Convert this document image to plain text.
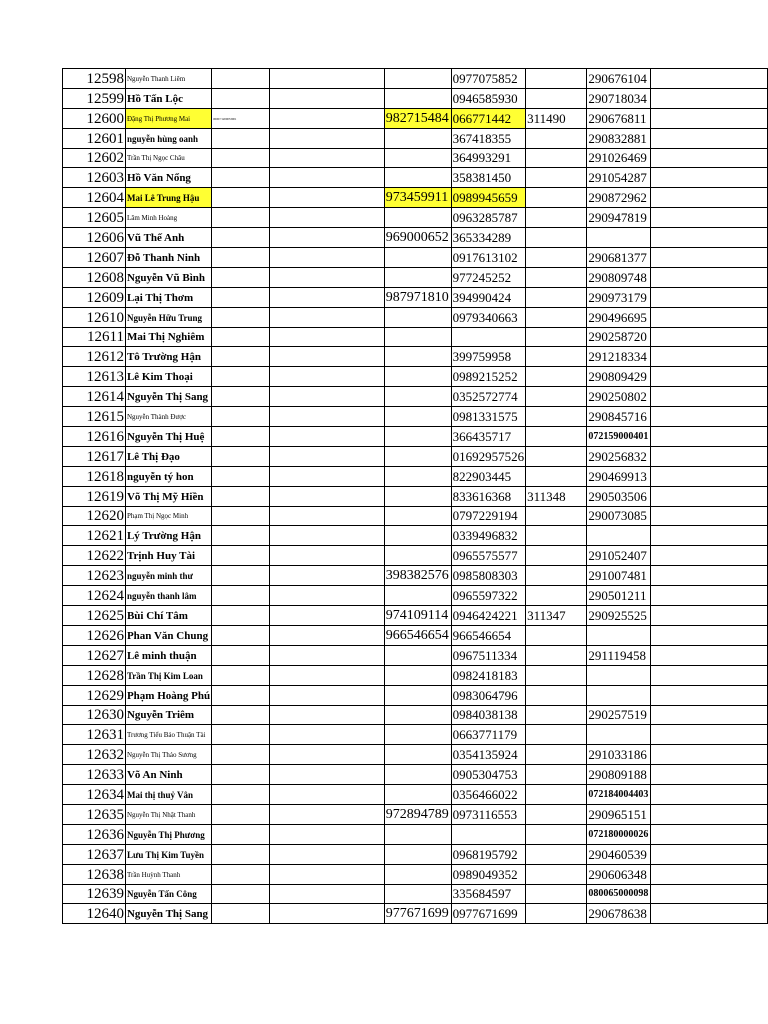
12598	Nguyễn Thanh Liêm				0977075852		290676104	
12599	Hồ Tấn Lộc				0946585930		290718034	
12600	Đặng Thị Phương Mai	00007/1200053001		982715484	066771442	311490	290676811	
12601	nguyễn hùng oanh				367418355		290832881	
12602	Trần Thị Ngọc Châu				364993291		291026469	
12603	Hồ Văn Nổng				358381450		291054287	
12604	Mai Lê Trung Hậu			973459911	0989945659		290872962	
12605	Lâm Minh Hoàng				0963285787		290947819	
12606	Vũ Thế Anh			969000652	365334289			
12607	Đỗ Thanh Ninh				0917613102		290681377	
12608	Nguyễn Vũ Bình				977245252		290809748	
12609	Lại Thị Thơm			987971810	394990424		290973179	
12610	Nguyễn Hữu Trung				0979340663		290496695	
12611	Mai Thị Nghiêm						290258720	
12612	Tô Trường Hận				399759958		291218334	
12613	Lê Kim Thoại				0989215252		290809429	
12614	Nguyễn Thị Sang				0352572774		290250802	
12615	Nguyễn Thành Được				0981331575		290845716	
12616	Nguyễn Thị Huệ				366435717		072159000401	
12617	Lê Thị Đạo				01692957526		290256832	
12618	nguyễn tý hon				822903445		290469913	
12619	Võ Thị Mỹ Hiền				833616368	311348	290503506	
12620	Phạm Thị Ngọc Minh				0797229194		290073085	
12621	Lý Trường Hận				0339496832			
12622	Trịnh Huy Tài				0965575577		291052407	
12623	nguyễn minh thư			398382576	0985808303		291007481	
12624	nguyễn thanh lâm				0965597322		290501211	
12625	Bùi Chí Tâm			974109114	0946424221	311347	290925525	
12626	Phan Văn Chung			966546654	966546654			
12627	Lê minh thuận				0967511334		291119458	
12628	Trần Thị Kim Loan				0982418183			
12629	Phạm Hoàng Phú				0983064796			
12630	Nguyễn Triêm				0984038138		290257519	
12631	Trương Tiểu Bảo Thuận Tài				0663771179			
12632	Nguyễn Thị Thảo Sương				0354135924		291033186	
12633	Võ An Ninh				0905304753		290809188	
12634	Mai thị thuỷ Vân				0356466022		072184004403	
12635	Nguyễn Thị Nhật Thanh			972894789	0973116553		290965151	
12636	Nguyễn Thị Phương						072180000026	
12637	Lưu Thị Kim Tuyền				0968195792		290460539	
12638	Trần Huỳnh Thanh				0989049352		290606348	
12639	Nguyễn Tấn Công				335684597		080065000098	
12640	Nguyễn Thị Sang			977671699	0977671699		290678638	
